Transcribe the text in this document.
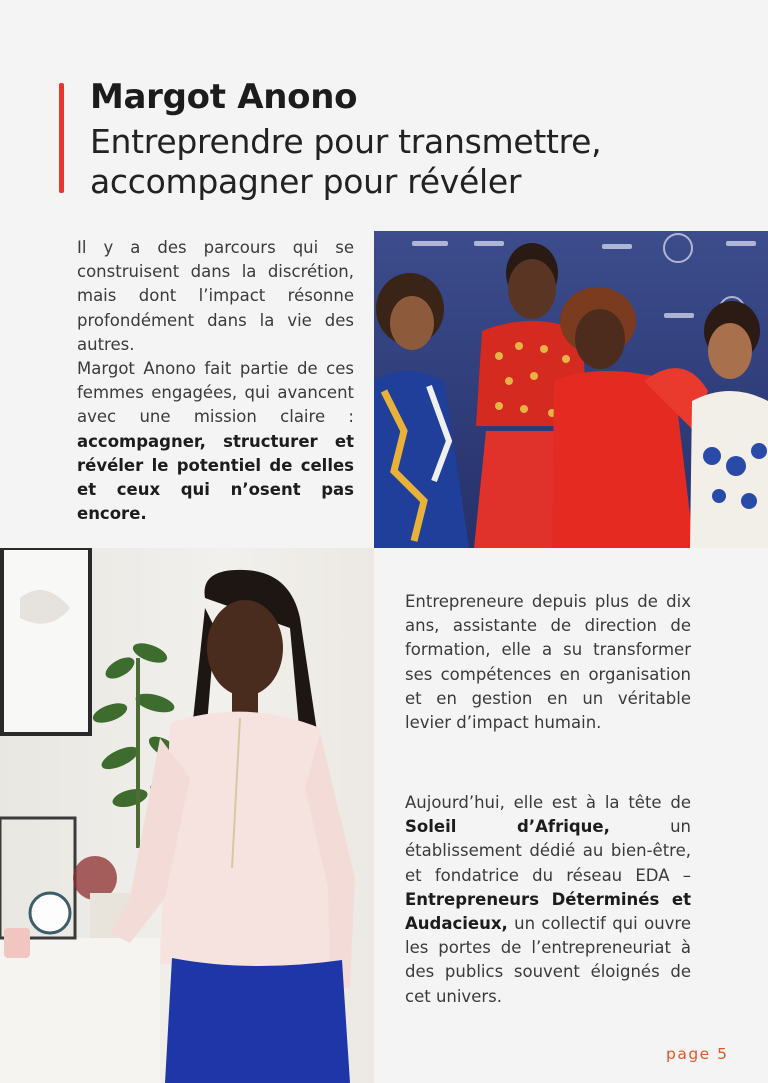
Margot Anono
Entreprendre pour transmettre,
accompagner pour révéler
Il y a des parcours qui se construisent dans la discrétion, mais dont l’impact résonne profondément dans la vie des autres.
Margot Anono fait partie de ces femmes engagées, qui avancent avec une mission claire : accompagner, structurer et révéler le potentiel de celles et ceux qui n’osent pas encore.
Entrepreneure depuis plus de dix ans, assistante de direction de formation, elle a su transformer ses compétences en organisation et en gestion en un véritable levier d’impact humain.
Aujourd’hui, elle est à la tête de Soleil d’Afrique, un établissement dédié au bien-être, et fondatrice du réseau EDA – Entrepreneurs Déterminés et Audacieux, un collectif qui ouvre les portes de l’entrepreneuriat à des publics souvent éloignés de cet univers.
page 5
